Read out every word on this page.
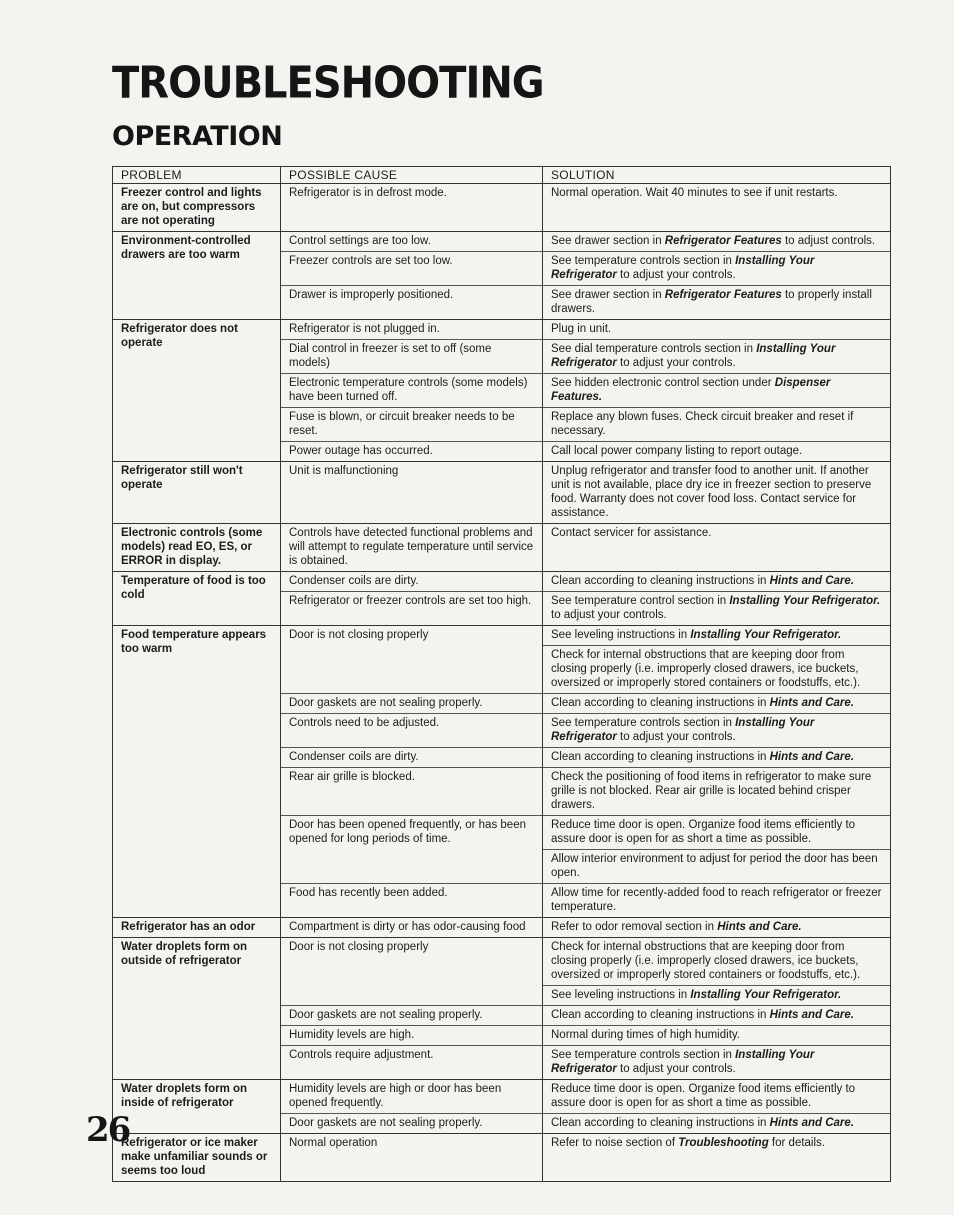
TROUBLESHOOTING
OPERATION
PROBLEM	POSSIBLE CAUSE	SOLUTION
Freezer control and lights are on, but compressors are not operating	Refrigerator is in defrost mode.	Normal operation. Wait 40 minutes to see if unit restarts.
Environment-controlled drawers are too warm	Control settings are too low.	See drawer section in Refrigerator Features to adjust controls.
	Freezer controls are set too low.	See temperature controls section in Installing Your Refrigerator to adjust your controls.
	Drawer is improperly positioned.	See drawer section in Refrigerator Features to properly install drawers.
Refrigerator does not operate	Refrigerator is not plugged in.	Plug in unit.
	Dial control in freezer is set to off (some models)	See dial temperature controls section in Installing Your Refrigerator to adjust your controls.
	Electronic temperature controls (some models) have been turned off.	See hidden electronic control section under Dispenser Features.
	Fuse is blown, or circuit breaker needs to be reset.	Replace any blown fuses. Check circuit breaker and reset if necessary.
	Power outage has occurred.	Call local power company listing to report outage.
Refrigerator still won't operate	Unit is malfunctioning	Unplug refrigerator and transfer food to another unit. If another unit is not available, place dry ice in freezer section to preserve food. Warranty does not cover food loss. Contact service for assistance.
Electronic controls (some models) read EO, ES, or ERROR in display.	Controls have detected functional problems and will attempt to regulate temperature until service is obtained.	Contact servicer for assistance.
Temperature of food is too cold	Condenser coils are dirty.	Clean according to cleaning instructions in Hints and Care.
	Refrigerator or freezer controls are set too high.	See temperature control section in Installing Your Refrigerator. to adjust your controls.
Food temperature appears too warm	Door is not closing properly	See leveling instructions in Installing Your Refrigerator.
		Check for internal obstructions that are keeping door from closing properly (i.e. improperly closed drawers, ice buckets, oversized or improperly stored containers or foodstuffs, etc.).
	Door gaskets are not sealing properly.	Clean according to cleaning instructions in Hints and Care.
	Controls need to be adjusted.	See temperature controls section in Installing Your Refrigerator to adjust your controls.
	Condenser coils are dirty.	Clean according to cleaning instructions in Hints and Care.
	Rear air grille is blocked.	Check the positioning of food items in refrigerator to make sure grille is not blocked. Rear air grille is located behind crisper drawers.
	Door has been opened frequently, or has been opened for long periods of time.	Reduce time door is open. Organize food items efficiently to assure door is open for as short a time as possible.
		Allow interior environment to adjust for period the door has been open.
	Food has recently been added.	Allow time for recently-added food to reach refrigerator or freezer temperature.
Refrigerator has an odor	Compartment is dirty or has odor-causing food	Refer to odor removal section in Hints and Care.
Water droplets form on outside of refrigerator	Door is not closing properly	Check for internal obstructions that are keeping door from closing properly (i.e. improperly closed drawers, ice buckets, oversized or improperly stored containers or foodstuffs, etc.).
		See leveling instructions in Installing Your Refrigerator.
	Door gaskets are not sealing properly.	Clean according to cleaning instructions in Hints and Care.
	Humidity levels are high.	Normal during times of high humidity.
	Controls require adjustment.	See temperature controls section in Installing Your Refrigerator to adjust your controls.
Water droplets form on inside of refrigerator	Humidity levels are high or door has been opened frequently.	Reduce time door is open. Organize food items efficiently to assure door is open for as short a time as possible.
	Door gaskets are not sealing properly.	Clean according to cleaning instructions in Hints and Care.
Refrigerator or ice maker make unfamiliar sounds or seems too loud	Normal operation	Refer to noise section of Troubleshooting for details.
26
